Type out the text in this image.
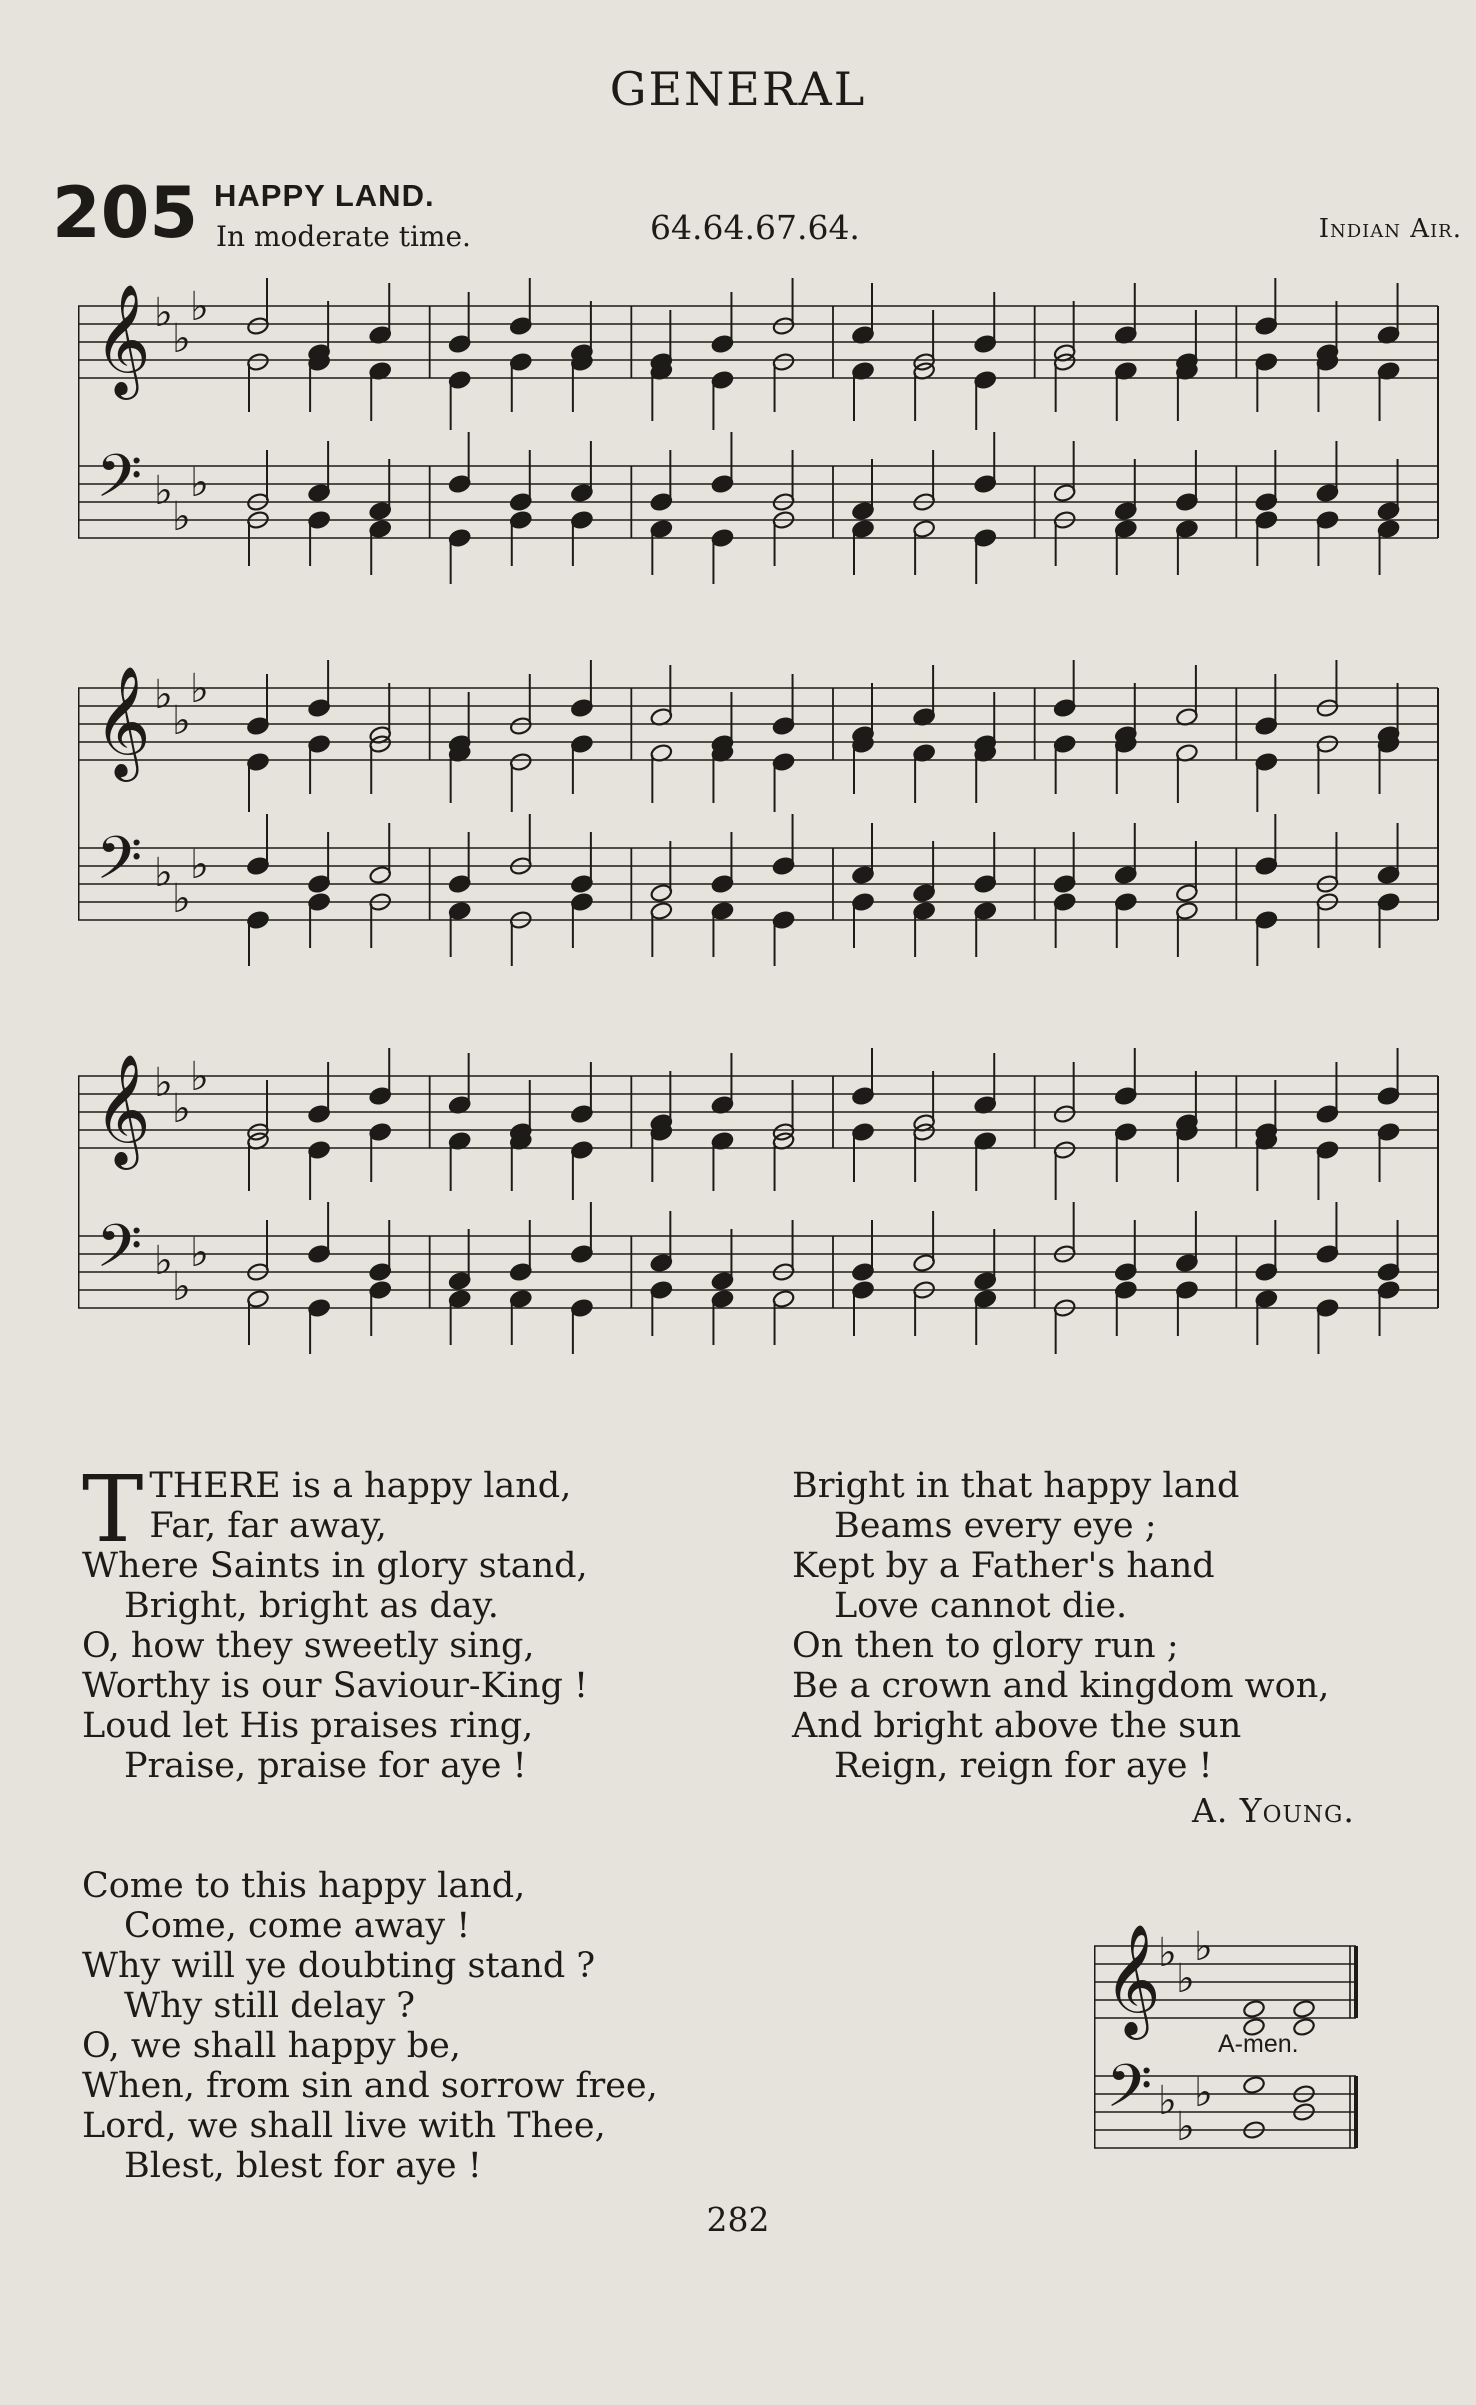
GENERAL
205 HAPPY LAND.
In moderate time.	64.64.67.64.	Indian Air.
𝄞
𝄢
♭
♭
♭
♭
♭
♭
𝄞
𝄢
♭
♭
♭
♭
♭
♭
𝄞
𝄢
♭
♭
♭
♭
♭
♭
TTHERE is a happy land,
Far, far away,
Where Saints in glory stand,
Bright, bright as day.
O, how they sweetly sing,
Worthy is our Saviour-King !
Loud let His praises ring,
Praise, praise for aye !
Come to this happy land,
Come, come away !
Why will ye doubting stand ?
Why still delay ?
O, we shall happy be,
When, from sin and sorrow free,
Lord, we shall live with Thee,
Blest, blest for aye !
Bright in that happy land
Beams every eye ;
Kept by a Father's hand
Love cannot die.
On then to glory run ;
Be a crown and kingdom won,
And bright above the sun
Reign, reign for aye !
A. Young.
𝄞
𝄢
♭
♭
♭
♭
♭
♭
A-men.
282
